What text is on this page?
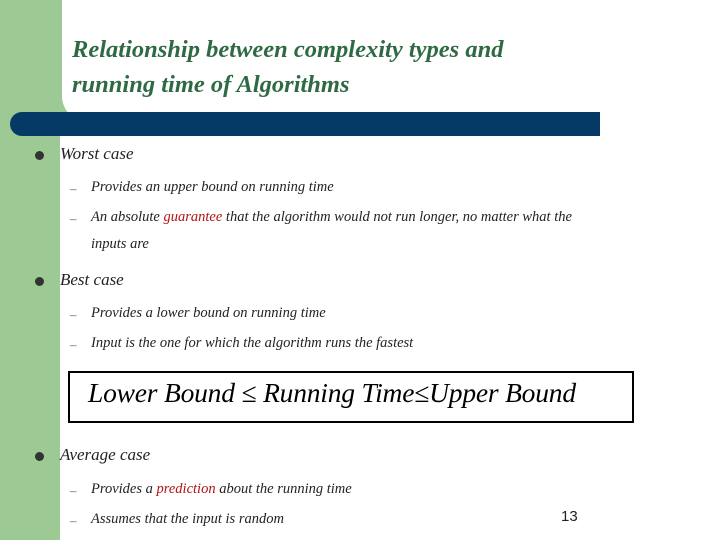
Relationship between complexity types and
running time of Algorithms
Worst case
– Provides an upper bound on running time
– An absolute guarantee that the algorithm would not run longer, no matter what the
inputs are
Best case
– Provides a lower bound on running time
– Input is the one for which the algorithm runs the fastest
Lower Bound ≤ Running Time≤Upper Bound
Average case
– Provides a prediction about the running time
– Assumes that the input is random	13
